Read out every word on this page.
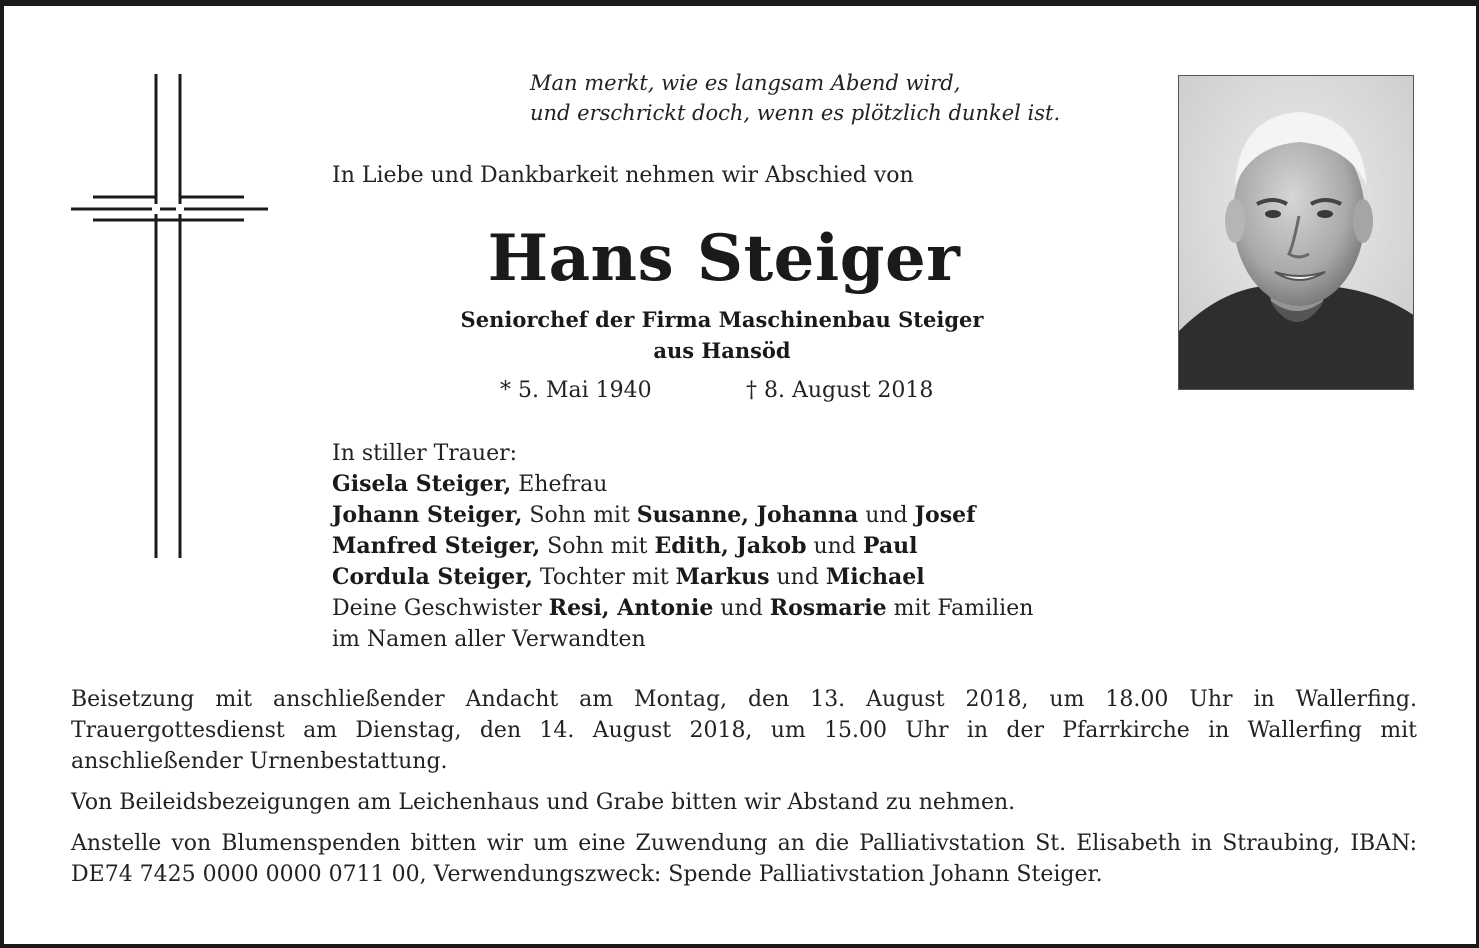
Man merkt, wie es langsam Abend wird,
und erschrickt doch, wenn es plötzlich dunkel ist.
In Liebe und Dankbarkeit nehmen wir Abschied von
Hans Steiger
Seniorchef der Firma Maschinenbau Steiger
aus Hansöd
* 5. Mai 1940	† 8. August 2018
In stiller Trauer:
Gisela Steiger, Ehefrau
Johann Steiger, Sohn mit Susanne, Johanna und Josef
Manfred Steiger, Sohn mit Edith, Jakob und Paul
Cordula Steiger, Tochter mit Markus und Michael
Deine Geschwister Resi, Antonie und Rosmarie mit Familien
im Namen aller Verwandten

Beisetzung mit anschließender Andacht am Montag, den 13. August 2018, um 18.00 Uhr in Wallerfing. Trauergottesdienst am Dienstag, den 14. August 2018, um 15.00 Uhr in der Pfarrkirche in Wallerfing mit anschließender Urnenbestattung.

Von Beileidsbezeigungen am Leichenhaus und Grabe bitten wir Abstand zu nehmen.

Anstelle von Blumenspenden bitten wir um eine Zuwendung an die Palliativstation St. Elisabeth in Straubing, IBAN: DE74 7425 0000 0000 0711 00, Verwendungszweck: Spende Palliativstation Johann Steiger.
